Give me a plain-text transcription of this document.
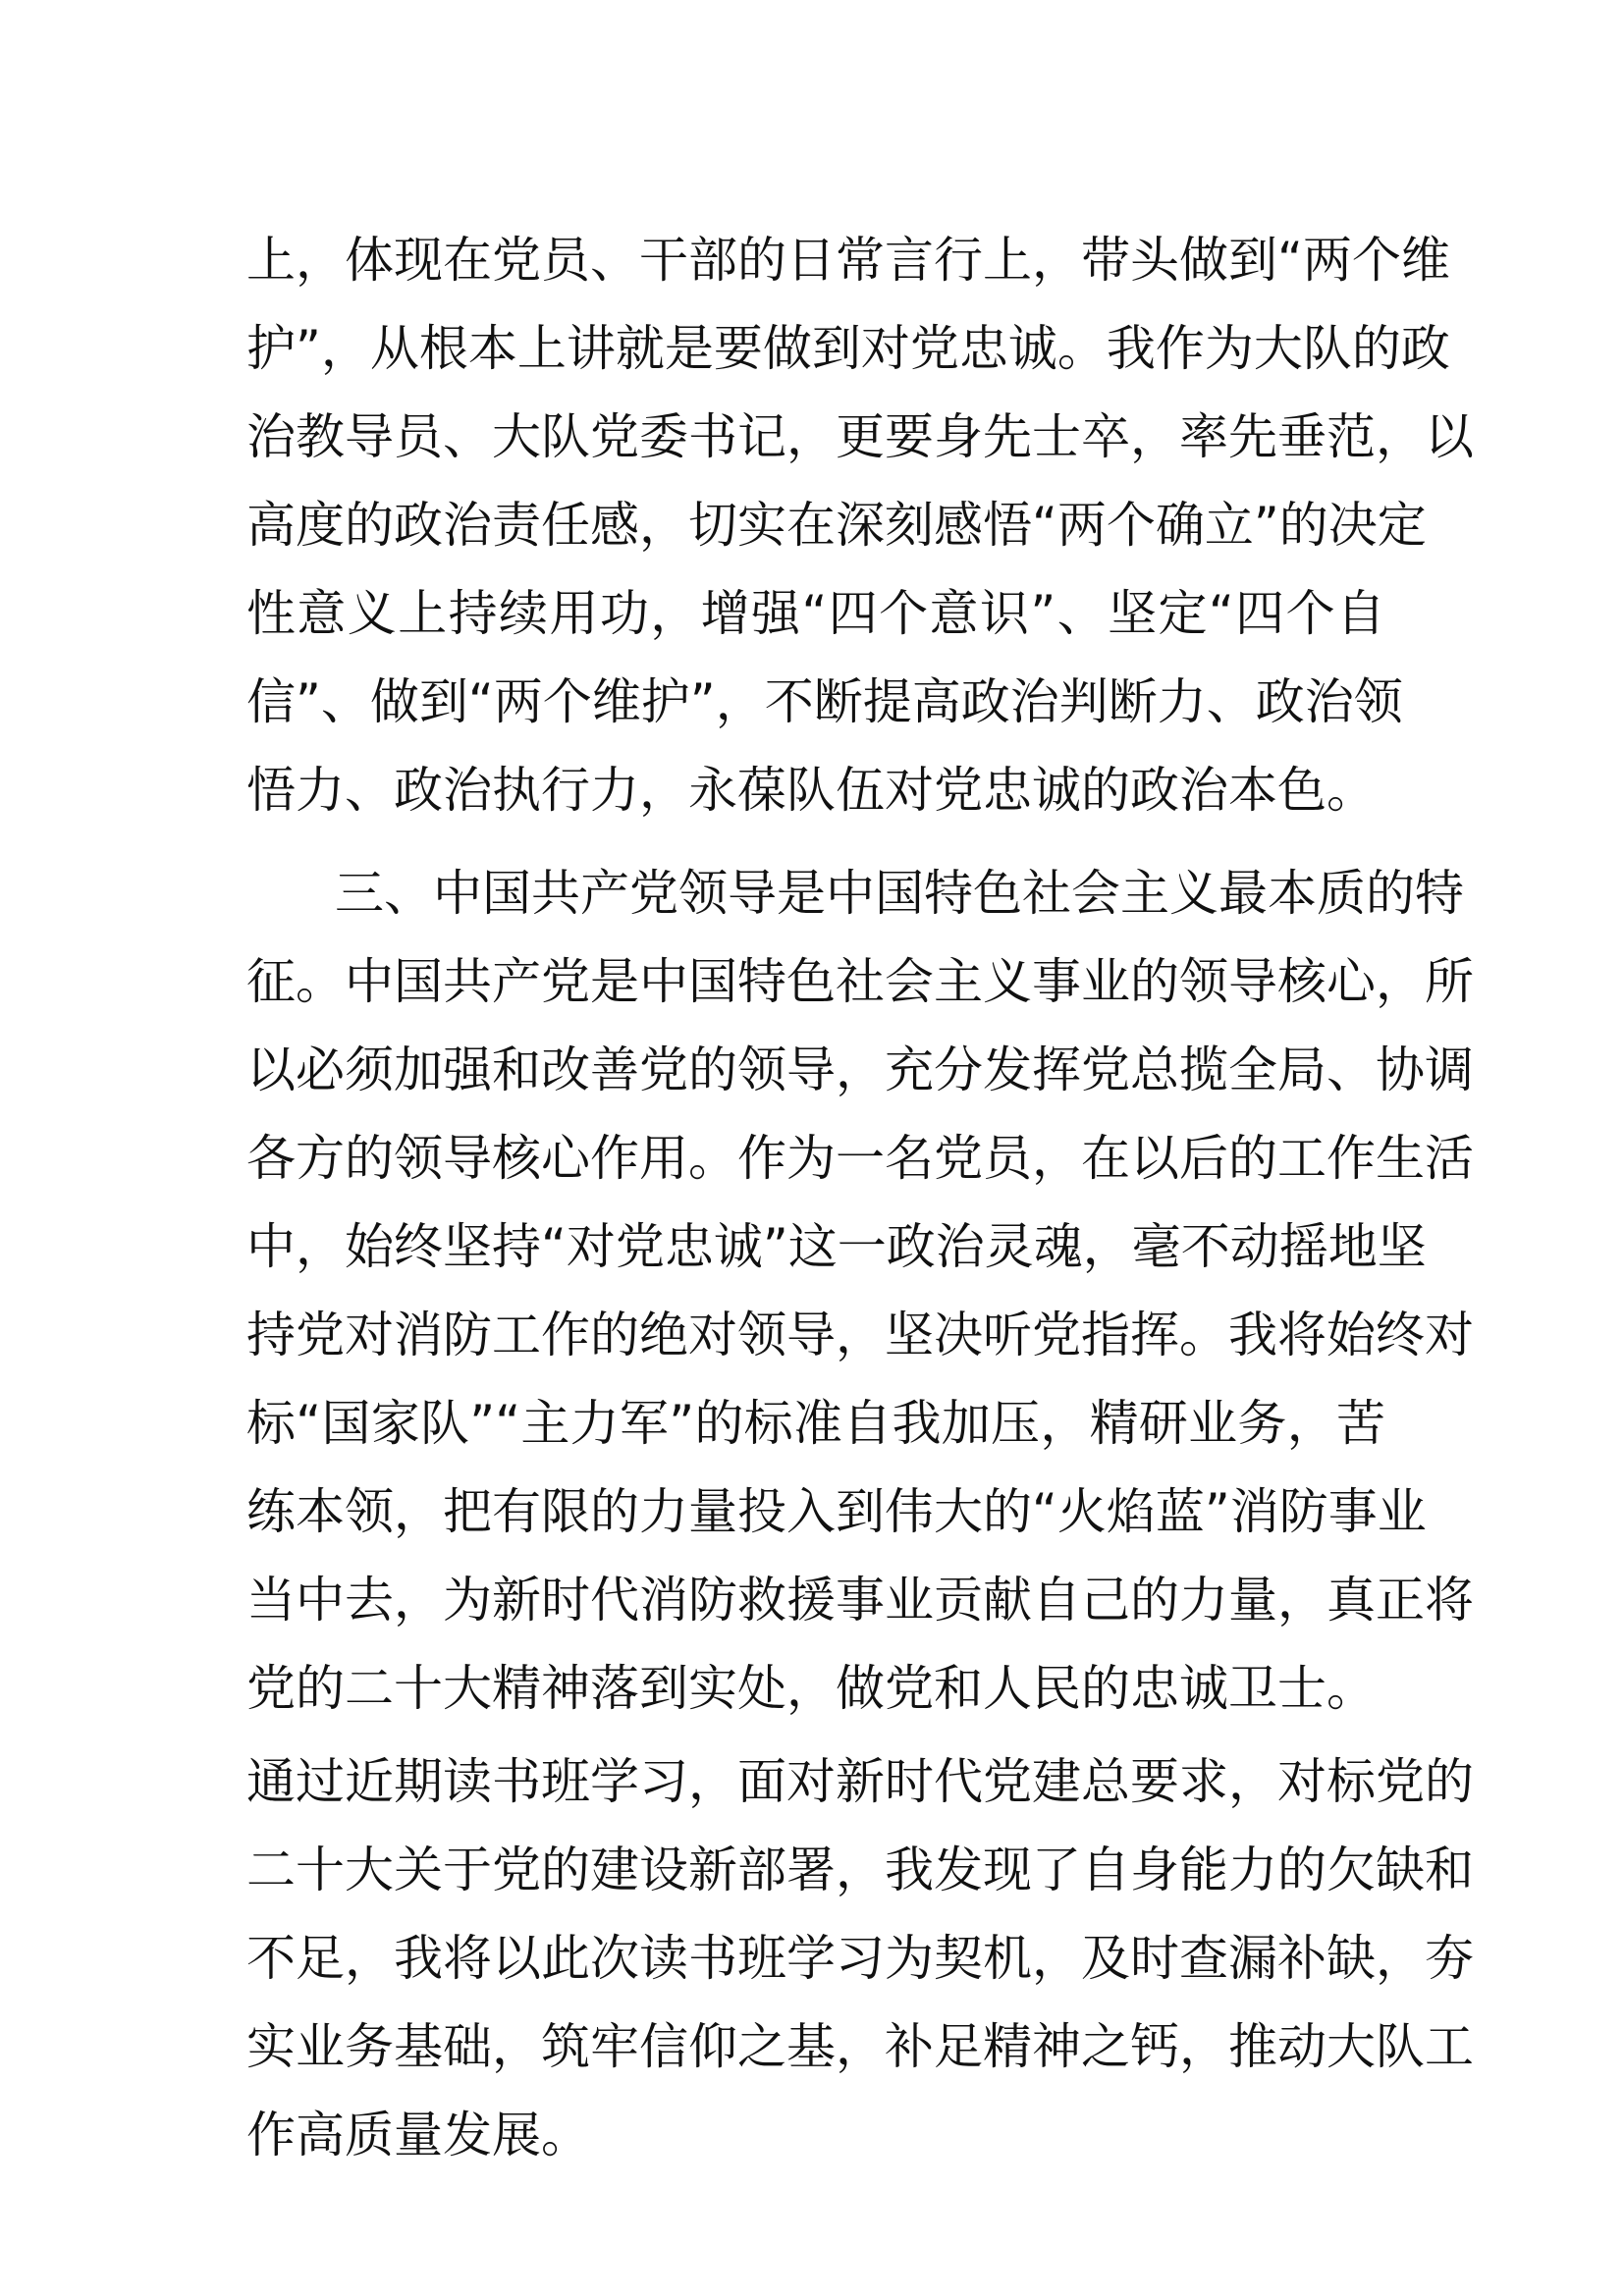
上，体现在党员、干部的日常言行上，带头做到“两个维
护”，从根本上讲就是要做到对党忠诚。我作为大队的政
治教导员、大队党委书记，更要身先士卒，率先垂范，以
高度的政治责任感，切实在深刻感悟“两个确立”的决定
性意义上持续用功，增强“四个意识”、坚定“四个自
信”、做到“两个维护”，不断提高政治判断力、政治领
悟力、政治执行力，永葆队伍对党忠诚的政治本色。
三、中国共产党领导是中国特色社会主义最本质的特
征。中国共产党是中国特色社会主义事业的领导核心，所
以必须加强和改善党的领导，充分发挥党总揽全局、协调
各方的领导核心作用。作为一名党员，在以后的工作生活
中，始终坚持“对党忠诚”这一政治灵魂，毫不动摇地坚
持党对消防工作的绝对领导，坚决听党指挥。我将始终对
标“国家队”“主力军”的标准自我加压，精研业务，苦
练本领，把有限的力量投入到伟大的“火焰蓝”消防事业
当中去，为新时代消防救援事业贡献自己的力量，真正将
党的二十大精神落到实处，做党和人民的忠诚卫士。
通过近期读书班学习，面对新时代党建总要求，对标党的
二十大关于党的建设新部署，我发现了自身能力的欠缺和
不足，我将以此次读书班学习为契机，及时查漏补缺，夯
实业务基础，筑牢信仰之基，补足精神之钙，推动大队工
作高质量发展。
